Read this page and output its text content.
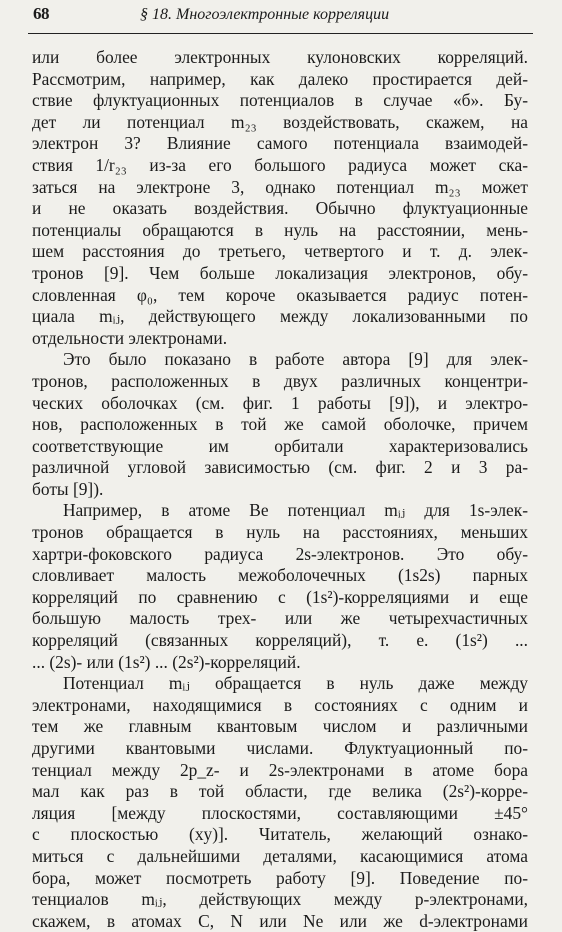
68	§ 18. Многоэлектронные корреляции
или более электронных кулоновских корреляций.
Рассмотрим, например, как далеко простирается дей-
ствие флуктуационных потенциалов в случае «б». Бу-
дет ли потенциал m₂₃ воздействовать, скажем, на
электрон 3? Влияние самого потенциала взаимодей-
ствия 1/r₂₃ из-за его большого радиуса может ска-
заться на электроне 3, однако потенциал m₂₃ может
и не оказать воздействия. Обычно флуктуационные
потенциалы обращаются в нуль на расстоянии, мень-
шем расстояния до третьего, четвертого и т. д. элек-
тронов [9]. Чем больше локализация электронов, обу-
словленная φ₀, тем короче оказывается радиус потен-
циала mᵢⱼ, действующего между локализованными по
отдельности электронами.
Это было показано в работе автора [9] для элек-
тронов, расположенных в двух различных концентри-
ческих оболочках (см. фиг. 1 работы [9]), и электро-
нов, расположенных в той же самой оболочке, причем
соответствующие им орбитали характеризовались
различной угловой зависимостью (см. фиг. 2 и 3 ра-
боты [9]).
Например, в атоме Be потенциал mᵢⱼ для 1s-элек-
тронов обращается в нуль на расстояниях, меньших
хартри-фоковского радиуса 2s-электронов. Это обу-
словливает малость межоболочечных (1s2s) парных
корреляций по сравнению с (1s²)-корреляциями и еще
большую малость трех- или же четырехчастичных
корреляций (связанных корреляций), т. е. (1s²) ...
... (2s)- или (1s²) ... (2s²)-корреляций.
Потенциал mᵢⱼ обращается в нуль даже между
электронами, находящимися в состояниях с одним и
тем же главным квантовым числом и различными
другими квантовыми числами. Флуктуационный по-
тенциал между 2p_z- и 2s-электронами в атоме бора
мал как раз в той области, где велика (2s²)-корре-
ляция [между плоскостями, составляющими ±45°
с плоскостью (xy)]. Читатель, желающий ознако-
миться с дальнейшими деталями, касающимися атома
бора, может посмотреть работу [9]. Поведение по-
тенциалов mᵢⱼ, действующих между p-электронами,
скажем, в атомах C, N или Ne или же d-электронами
